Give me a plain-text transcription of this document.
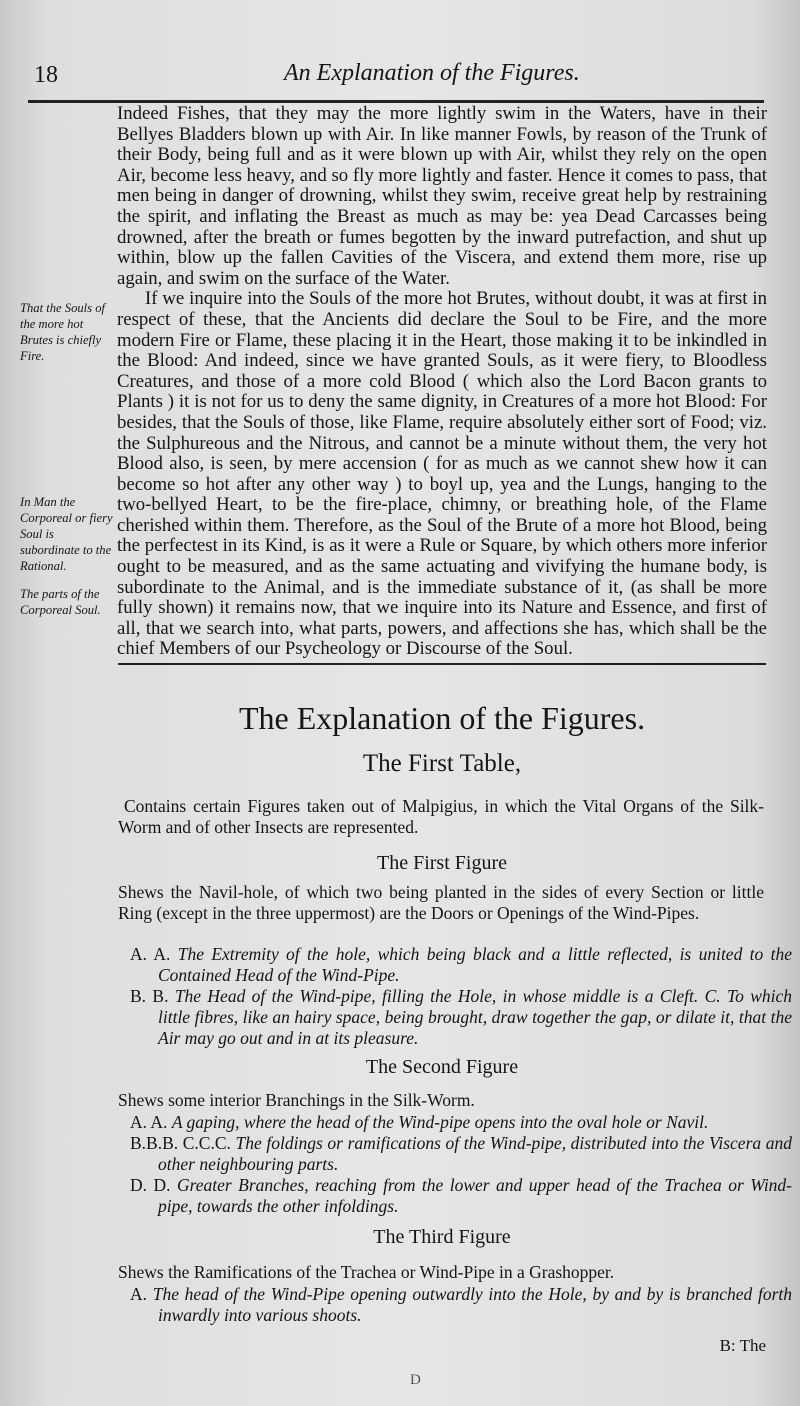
18	An Explanation of the Figures.

Indeed Fishes, that they may the more lightly swim in the Waters, have in their Bellyes Bladders blown up with Air. In like manner Fowls, by reason of the Trunk of their Body, being full and as it were blown up with Air, whilst they rely on the open Air, become less heavy, and so fly more lightly and faster. Hence it comes to pass, that men being in danger of drowning, whilst they swim, receive great help by restraining the spirit, and inflating the Breast as much as may be: yea Dead Carcasses being drowned, after the breath or fumes begotten by the inward putrefaction, and shut up within, blow up the fallen Cavities of the Viscera, and extend them more, rise up again, and swim on the surface of the Water.

If we inquire into the Souls of the more hot Brutes, without doubt, it was at first in respect of these, that the Ancients did declare the Soul to be Fire, and the more modern Fire or Flame, these placing it in the Heart, those making it to be inkindled in the Blood: And indeed, since we have granted Souls, as it were fiery, to Bloodless Creatures, and those of a more cold Blood ( which also the Lord Bacon grants to Plants ) it is not for us to deny the same dignity, in Creatures of a more hot Blood: For besides, that the Souls of those, like Flame, require absolutely either sort of Food; viz. the Sulphureous and the Nitrous, and cannot be a minute without them, the very hot Blood also, is seen, by mere accension ( for as much as we cannot shew how it can become so hot after any other way ) to boyl up, yea and the Lungs, hanging to the two-bellyed Heart, to be the fire-place, chimny, or breathing hole, of the Flame cherished within them. Therefore, as the Soul of the Brute of a more hot Blood, being the perfectest in its Kind, is as it were a Rule or Square, by which others more inferior ought to be measured, and as the same actuating and vivifying the humane body, is subordinate to the Animal, and is the immediate substance of it, (as shall be more fully shown) it remains now, that we inquire into its Nature and Essence, and first of all, that we search into, what parts, powers, and affections she has, which shall be the chief Members of our Psycheology or Discourse of the Soul.

That the Souls of the more hot Brutes is chiefly Fire.
In Man the Corporeal or fiery Soul is subordinate to the Rational.
The parts of the Corporeal Soul.
The Explanation of the Figures.
The First Table,

Contains certain Figures taken out of Malpigius, in which the Vital Organs of the Silk-Worm and of other Insects are represented.

The First Figure

Shews the Navil-hole, of which two being planted in the sides of every Section or little Ring (except in the three uppermost) are the Doors or Openings of the Wind-Pipes.

A. A. The Extremity of the hole, which being black and a little reflected, is united to the Contained Head of the Wind-Pipe.

B. B. The Head of the Wind-pipe, filling the Hole, in whose middle is a Cleft. C. To which little fibres, like an hairy space, being brought, draw together the gap, or dilate it, that the Air may go out and in at its pleasure.

The Second Figure

Shews some interior Branchings in the Silk-Worm.

A. A. A gaping, where the head of the Wind-pipe opens into the oval hole or Navil.

B.B.B. C.C.C. The foldings or ramifications of the Wind-pipe, distributed into the Viscera and other neighbouring parts.

D. D. Greater Branches, reaching from the lower and upper head of the Trachea or Wind-pipe, towards the other infoldings.

The Third Figure

Shews the Ramifications of the Trachea or Wind-Pipe in a Grashopper.

A. The head of the Wind-Pipe opening outwardly into the Hole, by and by is branched forth inwardly into various shoots.

B: The
D
